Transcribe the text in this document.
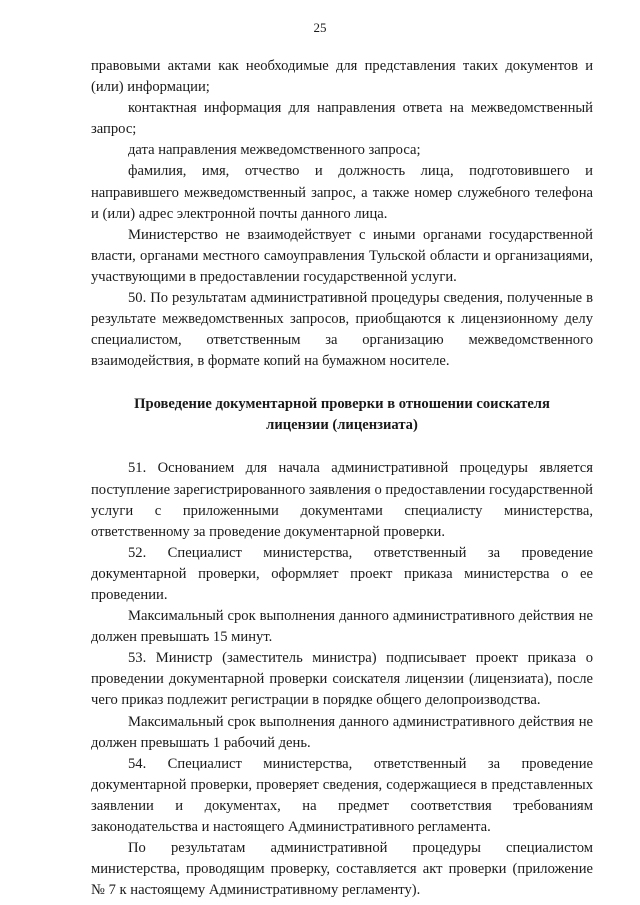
25

правовыми актами как необходимые для представления таких документов и (или) информации;

контактная информация для направления ответа на межведомственный запрос;

дата направления межведомственного запроса;

фамилия, имя, отчество и должность лица, подготовившего и направившего межведомственный запрос, а также номер служебного телефона и (или) адрес электронной почты данного лица.

Министерство не взаимодействует с иными органами государственной власти, органами местного самоуправления Тульской области и организациями, участвующими в предоставлении государственной услуги.

50. По результатам административной процедуры сведения, полученные в результате межведомственных запросов, приобщаются к лицензионному делу специалистом, ответственным за организацию межведомственного взаимодействия, в формате копий на бумажном носителе.

Проведение документарной проверки в отношении соискателя
лицензии (лицензиата)

51. Основанием для начала административной процедуры является поступление зарегистрированного заявления о предоставлении государственной услуги с приложенными документами специалисту министерства, ответственному за проведение документарной проверки.

52. Специалист министерства, ответственный за проведение документарной проверки, оформляет проект приказа министерства о ее проведении.

Максимальный срок выполнения данного административного действия не должен превышать 15 минут.

53. Министр (заместитель министра) подписывает проект приказа о проведении документарной проверки соискателя лицензии (лицензиата), после чего приказ подлежит регистрации в порядке общего делопроизводства.

Максимальный срок выполнения данного административного действия не должен превышать 1 рабочий день.

54. Специалист министерства, ответственный за проведение документарной проверки, проверяет сведения, содержащиеся в представленных заявлении и документах, на предмет соответствия требованиям законодательства и настоящего Административного регламента.

По результатам административной процедуры специалистом министерства, проводящим проверку, составляется акт проверки (приложение № 7 к настоящему Административному регламенту).
